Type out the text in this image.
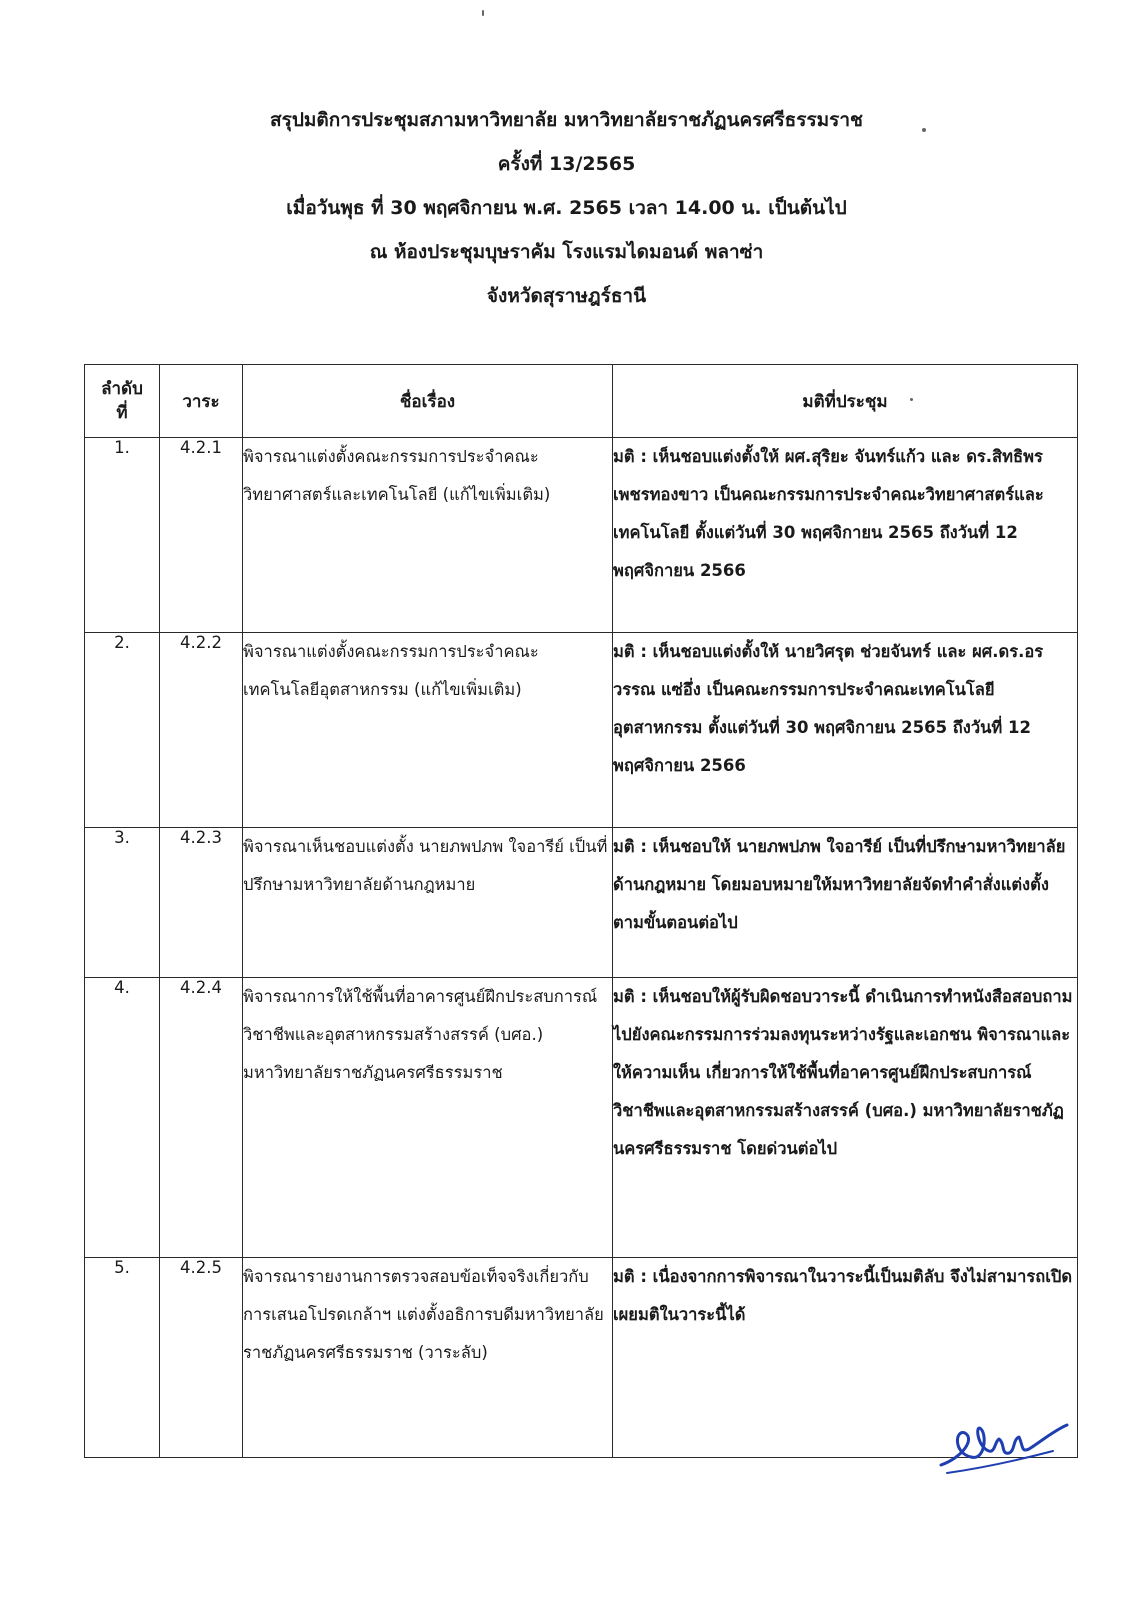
สรุปมติการประชุมสภามหาวิทยาลัย มหาวิทยาลัยราชภัฏนครศรีธรรมราช
ครั้งที่ 13/2565
เมื่อวันพุธ ที่ 30 พฤศจิกายน พ.ศ. 2565 เวลา 14.00 น. เป็นต้นไป
ณ ห้องประชุมบุษราคัม โรงแรมไดมอนด์ พลาซ่า
จังหวัดสุราษฎร์ธานี
ลำดับ
ที่	วาระ	ชื่อเรื่อง	มติที่ประชุม
1.	4.2.1	พิจารณาแต่งตั้งคณะกรรมการประจำคณะวิทยาศาสตร์และเทคโนโลยี (แก้ไขเพิ่มเติม)	มติ : เห็นชอบแต่งตั้งให้ ผศ.สุริยะ จันทร์แก้ว และ ดร.สิทธิพร เพชรทองขาว เป็นคณะกรรมการประจำคณะวิทยาศาสตร์และเทคโนโลยี ตั้งแต่วันที่ 30 พฤศจิกายน 2565 ถึงวันที่ 12 พฤศจิกายน 2566
2.	4.2.2	พิจารณาแต่งตั้งคณะกรรมการประจำคณะเทคโนโลยีอุตสาหกรรม (แก้ไขเพิ่มเติม)	มติ : เห็นชอบแต่งตั้งให้ นายวิศรุต ช่วยจันทร์ และ ผศ.ดร.อรวรรณ แซ่อึ่ง เป็นคณะกรรมการประจำคณะเทคโนโลยีอุตสาหกรรม ตั้งแต่วันที่ 30 พฤศจิกายน 2565 ถึงวันที่ 12 พฤศจิกายน 2566
3.	4.2.3	พิจารณาเห็นชอบแต่งตั้ง นายภพปภพ ใจอารีย์ เป็นที่ปรึกษามหาวิทยาลัยด้านกฎหมาย	มติ : เห็นชอบให้ นายภพปภพ ใจอารีย์ เป็นที่ปรึกษามหาวิทยาลัยด้านกฎหมาย โดยมอบหมายให้มหาวิทยาลัยจัดทำคำสั่งแต่งตั้งตามขั้นตอนต่อไป
4.	4.2.4	พิจารณาการให้ใช้พื้นที่อาคารศูนย์ฝึกประสบการณ์วิชาชีพและอุตสาหกรรมสร้างสรรค์ (บศอ.) มหาวิทยาลัยราชภัฏนครศรีธรรมราช	มติ : เห็นชอบให้ผู้รับผิดชอบวาระนี้ ดำเนินการทำหนังสือสอบถามไปยังคณะกรรมการร่วมลงทุนระหว่างรัฐและเอกชน พิจารณาและให้ความเห็น เกี่ยวการให้ใช้พื้นที่อาคารศูนย์ฝึกประสบการณ์วิชาชีพและอุตสาหกรรมสร้างสรรค์ (บศอ.) มหาวิทยาลัยราชภัฏนครศรีธรรมราช โดยด่วนต่อไป
5.	4.2.5	พิจารณารายงานการตรวจสอบข้อเท็จจริงเกี่ยวกับการเสนอโปรดเกล้าฯ แต่งตั้งอธิการบดีมหาวิทยาลัยราชภัฏนครศรีธรรมราช (วาระลับ)	มติ : เนื่องจากการพิจารณาในวาระนี้เป็นมติลับ จึงไม่สามารถเปิดเผยมติในวาระนี้ได้
